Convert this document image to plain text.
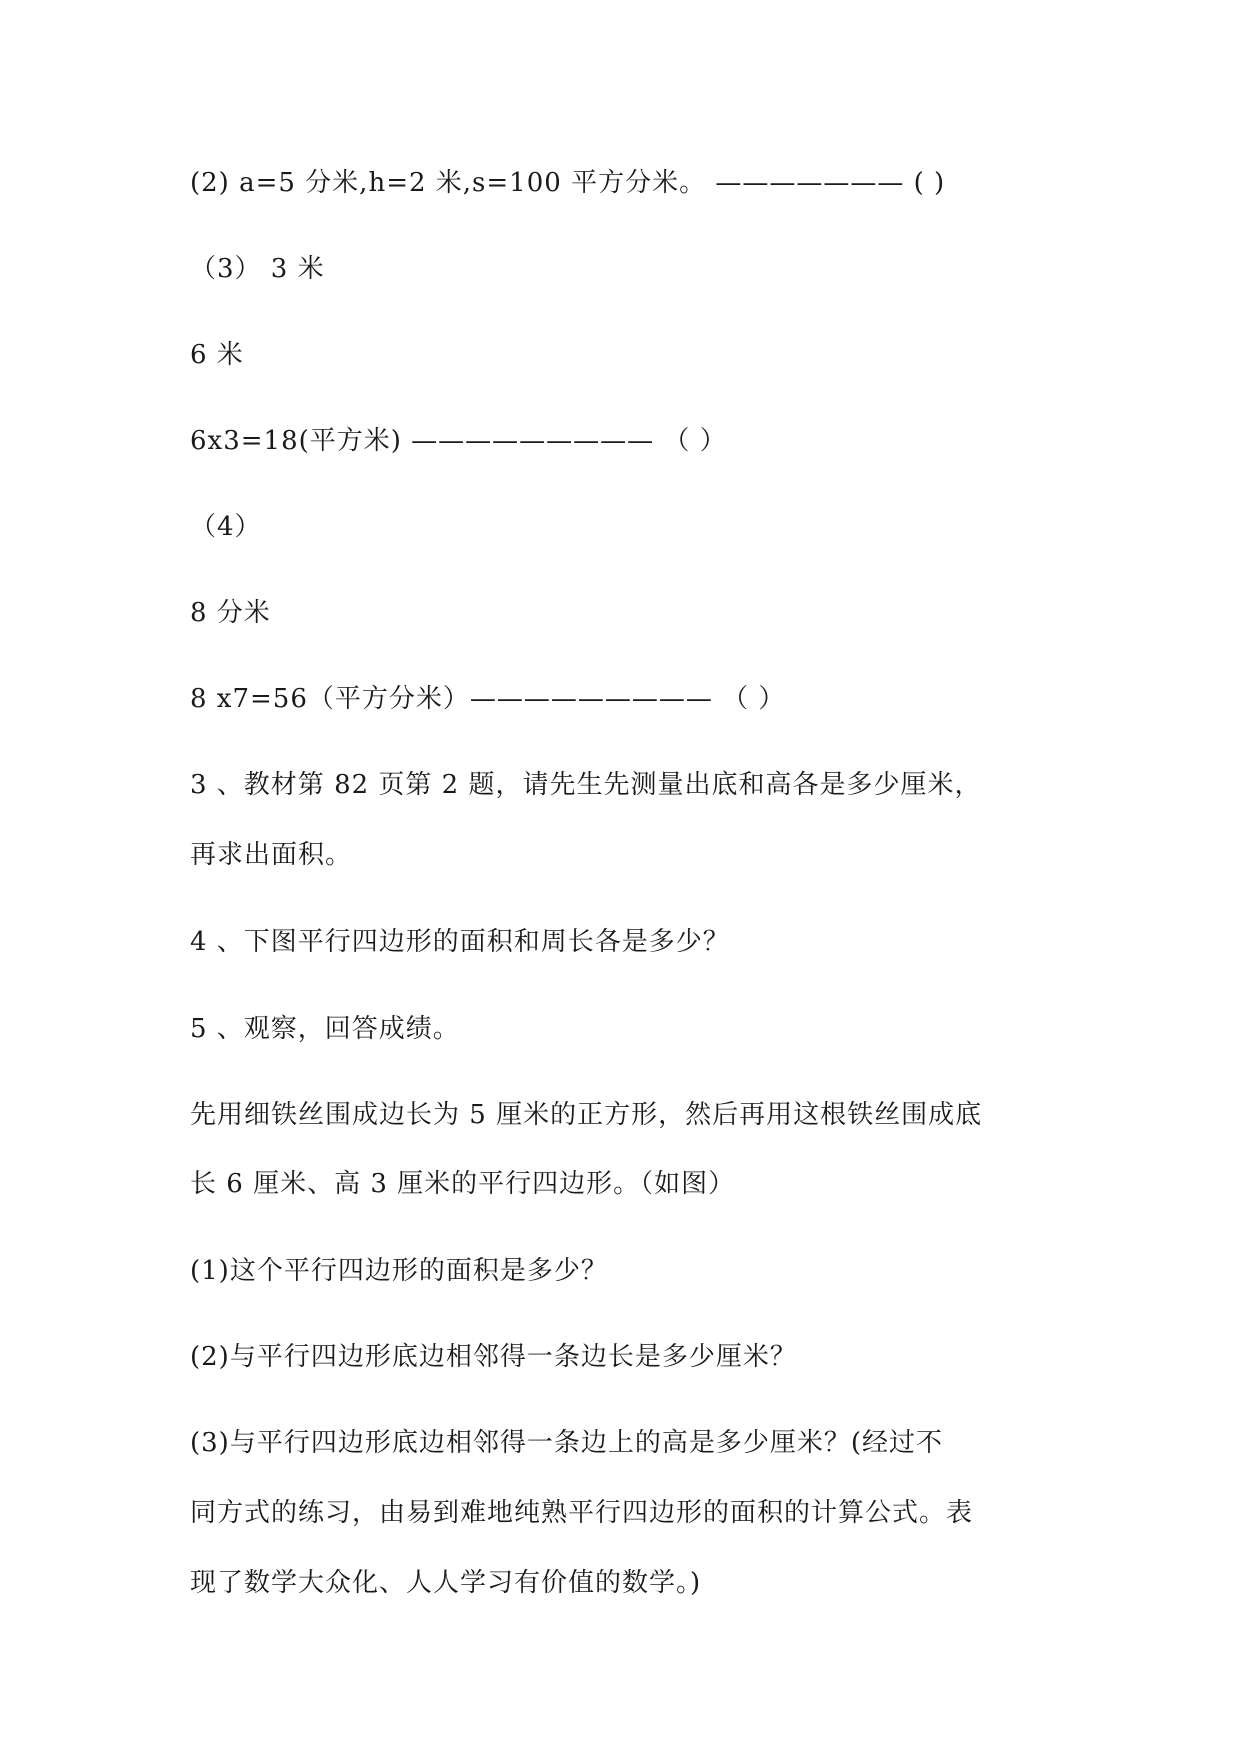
(2) a=5 分米,h=2 米,s=100 平方分米。 ——————— ( )
（3） 3 米
6 米
6x3=18(平方米) ————————— （ ）
（4）
8 分米
8 x7=56（平方分米）————————— （ ）
3 、教材第 82 页第 2 题，请先生先测量出底和高各是多少厘米，
再求出面积。
4 、下图平行四边形的面积和周长各是多少？
5 、观察，回答成绩。
先用细铁丝围成边长为 5 厘米的正方形，然后再用这根铁丝围成底
长 6 厘米、高 3 厘米的平行四边形。（如图）
(1)这个平行四边形的面积是多少？
(2)与平行四边形底边相邻得一条边长是多少厘米？
(3)与平行四边形底边相邻得一条边上的高是多少厘米？(经过不
同方式的练习，由易到难地纯熟平行四边形的面积的计算公式。表
现了数学大众化、人人学习有价值的数学。)
